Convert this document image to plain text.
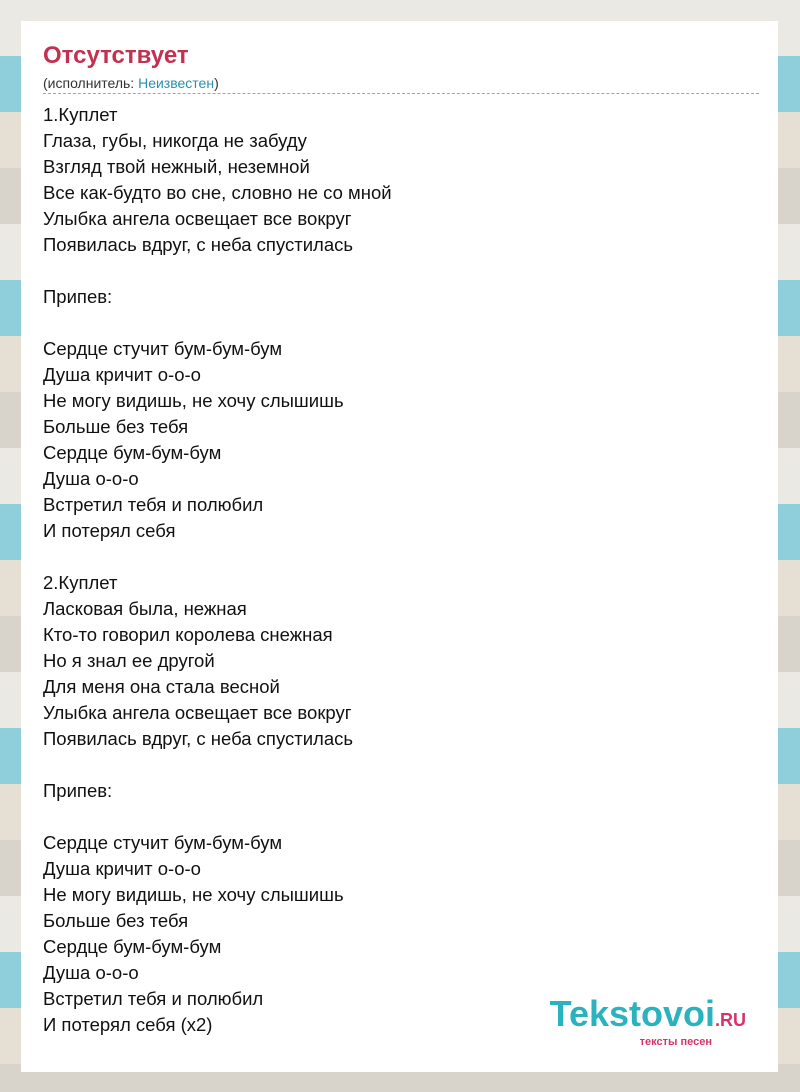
Отсутствует
(исполнитель: Неизвестен)
1.Куплет
Глаза, губы, никогда не забуду
Взгляд твой нежный, неземной
Все как-будто во сне, словно не со мной
Улыбка ангела освещает все вокруг
Появилась вдруг, с неба спустилась
Припев:
Сердце стучит бум-бум-бум
Душа кричит о-о-о
Не могу видишь, не хочу слышишь
Больше без тебя
Сердце бум-бум-бум
Душа о-о-о
Встретил тебя и полюбил
И потерял себя
2.Куплет
Ласковая была, нежная
Кто-то говорил королева снежная
Но я знал ее другой
Для меня она стала весной
Улыбка ангела освещает все вокруг
Появилась вдруг, с неба спустилась
Припев:
Сердце стучит бум-бум-бум
Душа кричит о-о-о
Не могу видишь, не хочу слышишь
Больше без тебя
Сердце бум-бум-бум
Душа о-о-о
Встретил тебя и полюбил
И потерял себя (x2)	Tekstovoi.RU
тексты песен
